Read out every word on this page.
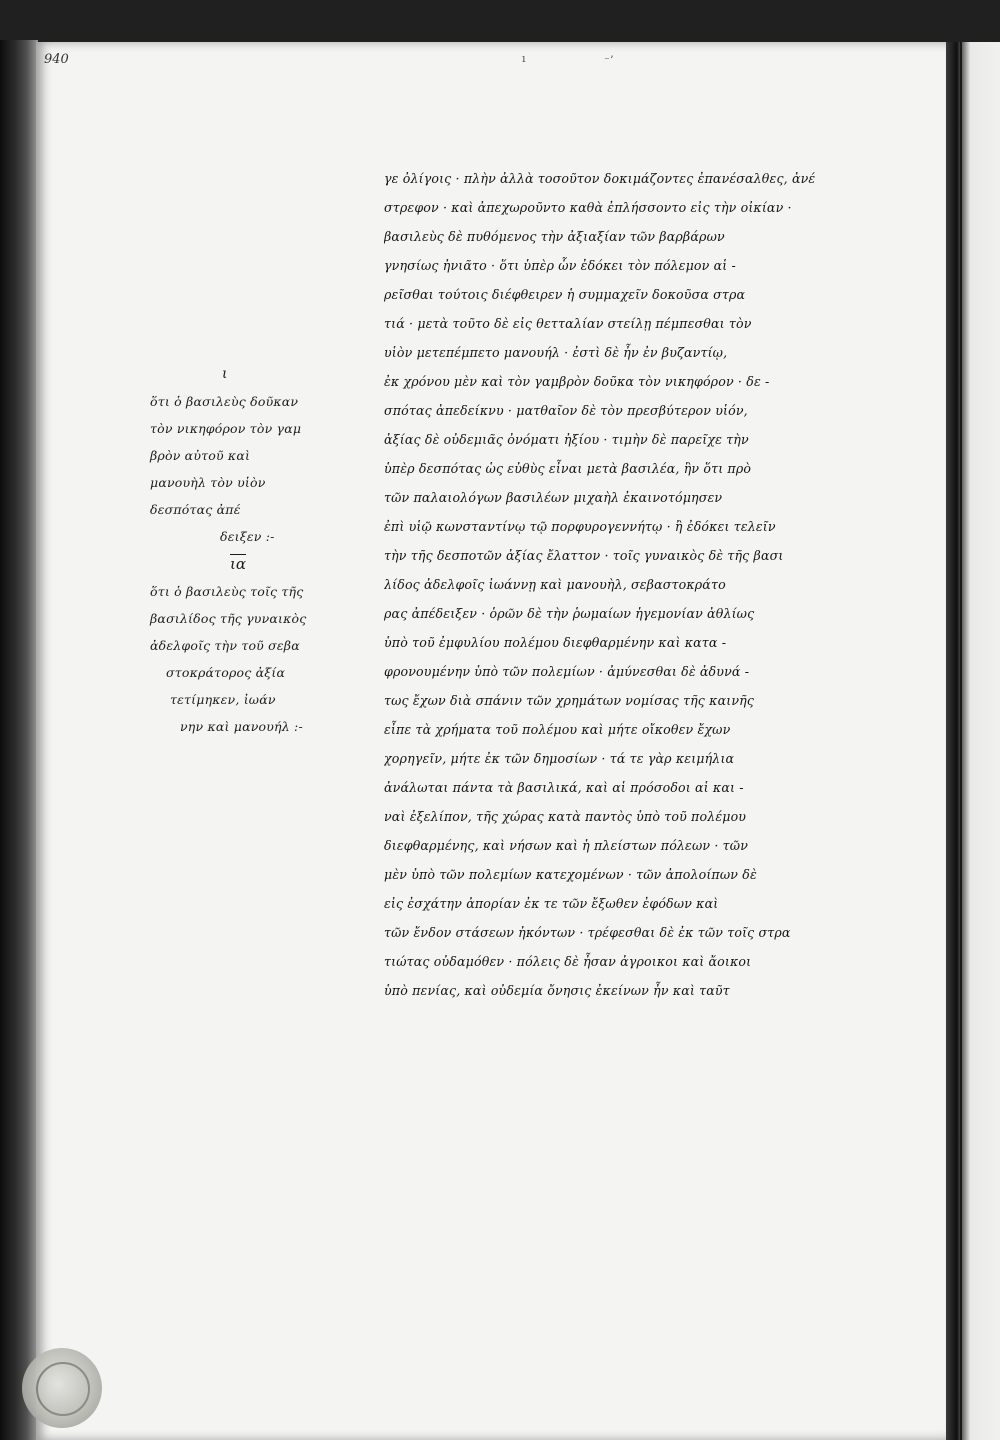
940	ı	⁻ʼ
ι
ὅτι ὁ βασιλεὺς δοῦκαν
τὸν νικηφόρον τὸν γαμ
βρὸν αὐτοῦ καὶ
μανουὴλ τὸν υἱὸν
δεσπότας ἀπέ
δειξεν :-
$\overline{\iota\alpha}$
ὅτι ὁ βασιλεὺς τοῖς τῆς
βασιλίδος τῆς γυναικὸς
ἀδελφοῖς τὴν τοῦ σεβα
στοκράτορος ἀξία
τετίμηκεν, ἰωάν
νην καὶ μανουήλ :-
γε ὀλίγοις · πλὴν ἀλλὰ τοσοῦτον δοκιμάζοντες ἐπανέσαλθες, ἀνέ
στρεφον · καὶ ἀπεχωροῦντο καθὰ ἐπλήσσοντο εἰς τὴν οἰκίαν ·
βασιλεὺς δὲ πυθόμενος τὴν ἀξιαξίαν τῶν βαρβάρων
γνησίως ἠνιᾶτο · ὅτι ὑπὲρ ὧν ἐδόκει τὸν πόλεμον αἱ -
ρεῖσθαι τούτοις διέφθειρεν ἡ συμμαχεῖν δοκοῦσα στρα
τιά · μετὰ τοῦτο δὲ εἰς θετταλίαν στείλῃ πέμπεσθαι τὸν
υἱὸν μετεπέμπετο μανουήλ · ἐστὶ δὲ ἦν ἐν βυζαντίῳ,
ἐκ χρόνου μὲν καὶ τὸν γαμβρὸν δοῦκα τὸν νικηφόρον · δε -
σπότας ἀπεδείκνυ · ματθαῖον δὲ τὸν πρεσβύτερον υἱόν,
ἀξίας δὲ οὐδεμιᾶς ὀνόματι ἠξίου · τιμὴν δὲ παρεῖχε τὴν
ὑπὲρ δεσπότας ὡς εὐθὺς εἶναι μετὰ βασιλέα, ἣν ὅτι πρὸ
τῶν παλαιολόγων βασιλέων μιχαὴλ ἐκαινοτόμησεν
ἐπὶ υἱῷ κωνσταντίνῳ τῷ πορφυρογεννήτῳ · ἢ ἐδόκει τελεῖν
τὴν τῆς δεσποτῶν ἀξίας ἔλαττον · τοῖς γυναικὸς δὲ τῆς βασι
λίδος ἀδελφοῖς ἰωάννῃ καὶ μανουὴλ, σεβαστοκράτο
ρας ἀπέδειξεν · ὁρῶν δὲ τὴν ῥωμαίων ἡγεμονίαν ἀθλίως
ὑπὸ τοῦ ἐμφυλίου πολέμου διεφθαρμένην καὶ κατα -
φρονουμένην ὑπὸ τῶν πολεμίων · ἀμύνεσθαι δὲ ἀδυνά -
τως ἔχων διὰ σπάνιν τῶν χρημάτων νομίσας τῆς καινῆς
εἶπε τὰ χρήματα τοῦ πολέμου καὶ μήτε οἴκοθεν ἔχων
χορηγεῖν, μήτε ἐκ τῶν δημοσίων · τά τε γὰρ κειμήλια
ἀνάλωται πάντα τὰ βασιλικά, καὶ αἱ πρόσοδοι αἱ και -
ναὶ ἐξελίπον, τῆς χώρας κατὰ παντὸς ὑπὸ τοῦ πολέμου
διεφθαρμένης, καὶ νήσων καὶ ἡ πλείστων πόλεων · τῶν
μὲν ὑπὸ τῶν πολεμίων κατεχομένων · τῶν ἀπολοίπων δὲ
εἰς ἐσχάτην ἀπορίαν ἐκ τε τῶν ἔξωθεν ἐφόδων καὶ
τῶν ἔνδον στάσεων ἠκόντων · τρέφεσθαι δὲ ἐκ τῶν τοῖς στρα
τιώτας οὐδαμόθεν · πόλεις δὲ ἦσαν ἀγροικοι καὶ ἄοικοι
ὑπὸ πενίας, καὶ οὐδεμία ὄνησις ἐκείνων ἦν καὶ ταῦτ
